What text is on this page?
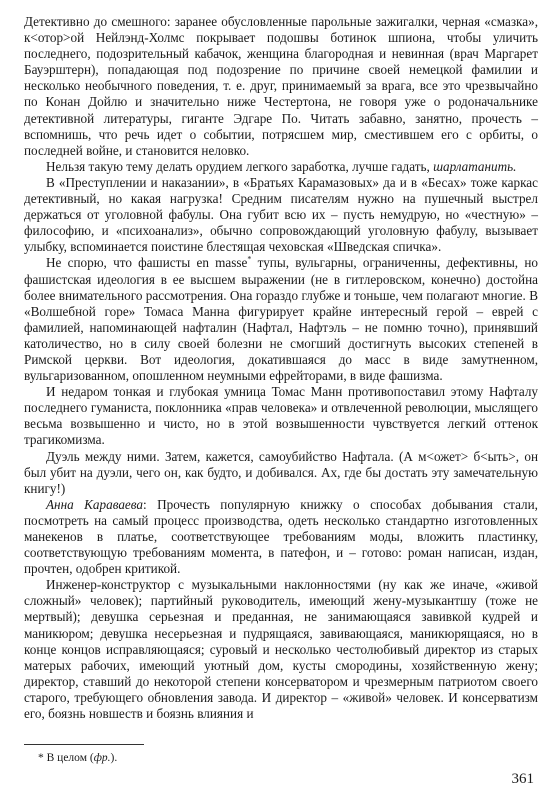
Детективно до смешного: заранее обусловленные парольные зажигалки, черная «смазка», к<отор>ой Нейлэнд-Холмс покрывает подошвы ботинок шпиона, чтобы уличить последнего, подозрительный кабачок, женщина благородная и невинная (врач Маргарет Бауэрштерн), попадающая под подозрение по причине своей немецкой фамилии и несколько необычного поведения, т. е. друг, принимаемый за врага, все это чрезвычайно по Конан Дойлю и значительно ниже Честертона, не говоря уже о родоначальнике детективной литературы, гиганте Эдгаре По. Читать забавно, занятно, прочесть – вспомнишь, что речь идет о событии, потрясшем мир, сместившем его с орбиты, о последней войне, и становится неловко.

Нельзя такую тему делать орудием легкого заработка, лучше гадать, шарлатанить.

В «Преступлении и наказании», в «Братьях Карамазовых» да и в «Бесах» тоже каркас детективный, но какая нагрузка! Средним писателям нужно на пушечный выстрел держаться от уголовной фабулы. Она губит всю их – пусть немудрую, но «честную» – философию, и «психоанализ», обычно сопровождающий уголовную фабулу, вызывает улыбку, вспоминается поистине блестящая чеховская «Шведская спичка».

Не спорю, что фашисты en masse* тупы, вульгарны, ограниченны, дефективны, но фашистская идеология в ее высшем выражении (не в гитлеровском, конечно) достойна более внимательного рассмотрения. Она гораздо глубже и тоньше, чем полагают многие. В «Волшебной горе» Томаса Манна фигурирует крайне интересный герой – еврей с фамилией, напоминающей нафталин (Нафтал, Нафтэль – не помню точно), принявший католичество, но в силу своей болезни не смогший достигнуть высоких степеней в Римской церкви. Вот идеология, докатившаяся до масс в виде замутненном, вульгаризованном, опошленном неумными ефрейторами, в виде фашизма.

И недаром тонкая и глубокая умница Томас Манн противопоставил этому Нафталу последнего гуманиста, поклонника «прав человека» и отвлеченной революции, мыслящего весьма возвышенно и чисто, но в этой возвышенности чувствуется легкий оттенок трагикомизма.

Дуэль между ними. Затем, кажется, самоубийство Нафтала. (А м<ожет> б<ыть>, он был убит на дуэли, чего он, как будто, и добивался. Ах, где бы достать эту замечательную книгу!)

Анна Караваева: Прочесть популярную книжку о способах добывания стали, посмотреть на самый процесс производства, одеть несколько стандартно изготовленных манекенов в платье, соответствующее требованиям моды, вложить пластинку, соответствующую требованиям момента, в патефон, и – готово: роман написан, издан, прочтен, одобрен критикой.

Инженер-конструктор с музыкальными наклонностями (ну как же иначе, «живой сложный» человек); партийный руководитель, имеющий жену-музыкантшу (тоже не мертвый); девушка серьезная и преданная, не занимающаяся завивкой кудрей и маникюром; девушка несерьезная и пудрящаяся, завивающаяся, маникюрящаяся, но в конце концов исправляющаяся; суровый и несколько честолюбивый директор из старых матерых рабочих, имеющий уютный дом, кусты смородины, хозяйственную жену; директор, ставший до некоторой степени консерватором и чрезмерным патриотом своего старого, требующего обновления завода. И директор – «живой» человек. И консерватизм его, боязнь новшеств и боязнь влияния и

* В целом (фр.).
361
